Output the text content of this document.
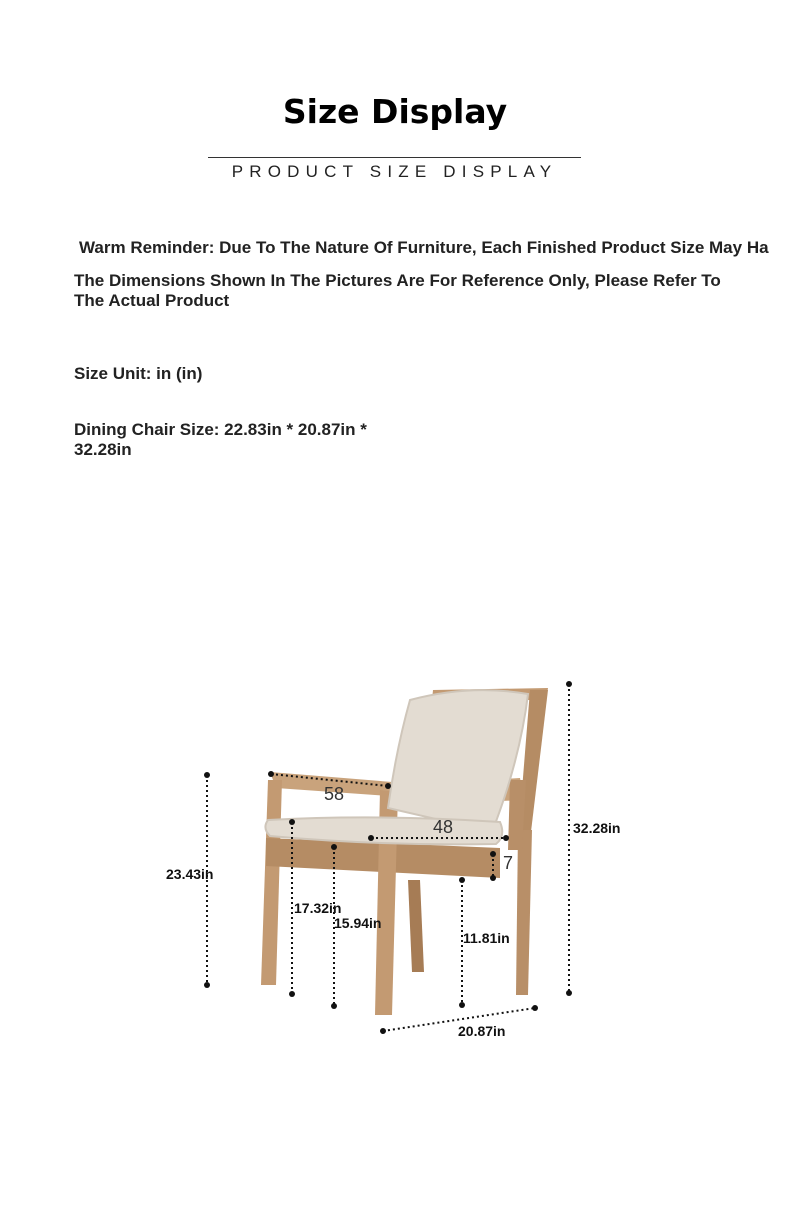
Size Display
PRODUCT SIZE DISPLAY
Warm Reminder: Due To The Nature Of Furniture, Each Finished Product Size May Ha
The Dimensions Shown In The Pictures Are For Reference Only, Please Refer To The Actual Product
Size Unit: in (in)
Dining Chair Size: 22.83in * 20.87in * 32.28in
58
48
7
32.28in
23.43in
17.32in
15.94in
11.81in
20.87in
